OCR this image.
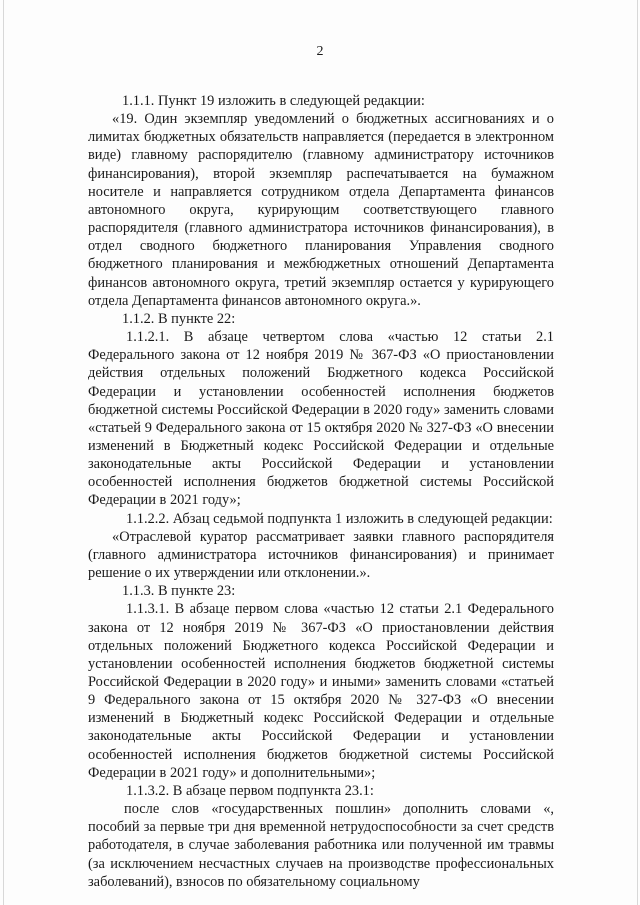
2

1.1.1. Пункт 19 изложить в следующей редакции:

«19. Один экземпляр уведомлений о бюджетных ассигнованиях и о лимитах бюджетных обязательств направляется (передается в электронном виде) главному распорядителю (главному администратору источников финансирования), второй экземпляр распечатывается на бумажном носителе и направляется сотрудником отдела Департамента финансов автономного округа, курирующим соответствующего главного распорядителя (главного администратора источников финансирования), в отдел сводного бюджетного планирования Управления сводного бюджетного планирования и межбюджетных отношений Департамента финансов автономного округа, третий экземпляр остается у курирующего отдела Департамента финансов автономного округа.».

1.1.2. В пункте 22:

1.1.2.1. В абзаце четвертом слова «частью 12 статьи 2.1 Федерального закона от 12 ноября 2019 № 367-ФЗ «О приостановлении действия отдельных положений Бюджетного кодекса Российской Федерации и установлении особенностей исполнения бюджетов бюджетной системы Российской Федерации в 2020 году» заменить словами «статьей 9 Федерального закона от 15 октября 2020 № 327-ФЗ «О внесении изменений в Бюджетный кодекс Российской Федерации и отдельные законодательные акты Российской Федерации и установлении особенностей исполнения бюджетов бюджетной системы Российской Федерации в 2021 году»;

1.1.2.2. Абзац седьмой подпункта 1 изложить в следующей редакции:

«Отраслевой куратор рассматривает заявки главного распорядителя (главного администратора источников финансирования) и принимает решение о их утверждении или отклонении.».

1.1.3. В пункте 23:

1.1.3.1. В абзаце первом слова «частью 12 статьи 2.1 Федерального закона от 12 ноября 2019 № 367-ФЗ «О приостановлении действия отдельных положений Бюджетного кодекса Российской Федерации и установлении особенностей исполнения бюджетов бюджетной системы Российской Федерации в 2020 году» и иными» заменить словами «статьей 9 Федерального закона от 15 октября 2020 № 327-ФЗ «О внесении изменений в Бюджетный кодекс Российской Федерации и отдельные законодательные акты Российской Федерации и установлении особенностей исполнения бюджетов бюджетной системы Российской Федерации в 2021 году» и дополнительными»;

1.1.3.2. В абзаце первом подпункта 23.1:

после слов «государственных пошлин» дополнить словами «, пособий за первые три дня временной нетрудоспособности за счет средств работодателя, в случае заболевания работника или полученной им травмы (за исключением несчастных случаев на производстве профессиональных заболеваний), взносов по обязательному социальному
